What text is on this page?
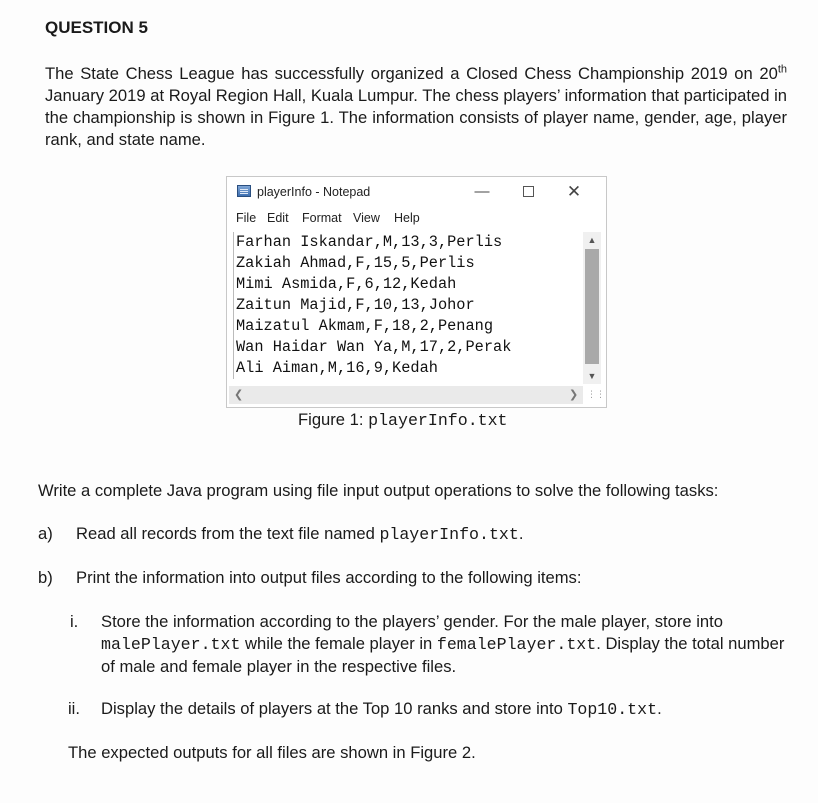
QUESTION 5

The State Chess League has successfully organized a Closed Chess Championship 2019 on 20th January 2019 at Royal Region Hall, Kuala Lumpur. The chess players’ information that participated in the championship is shown in Figure 1. The information consists of player name, gender, age, player rank, and state name.

playerInfo - Notepad	—	✕
File Edit Format View Help
Farhan Iskandar,M,13,3,Perlis
Zakiah Ahmad,F,15,5,Perlis
Mimi Asmida,F,6,12,Kedah
Zaitun Majid,F,10,13,Johor
Maizatul Akmam,F,18,2,Penang
Wan Haidar Wan Ya,M,17,2,Perak
Ali Aiman,M,16,9,Kedah
▲
▼
❮	❯ ⋮⋮
Figure 1: playerInfo.txt
Write a complete Java program using file input output operations to solve the following tasks:
a) Read all records from the text file named playerInfo.txt.
b) Print the information into output files according to the following items:
i. Store the information according to the players’ gender. For the male player, store into malePlayer.txt while the female player in femalePlayer.txt. Display the total number of male and female player in the respective files.
ii. Display the details of players at the Top 10 ranks and store into Top10.txt.
The expected outputs for all files are shown in Figure 2.
